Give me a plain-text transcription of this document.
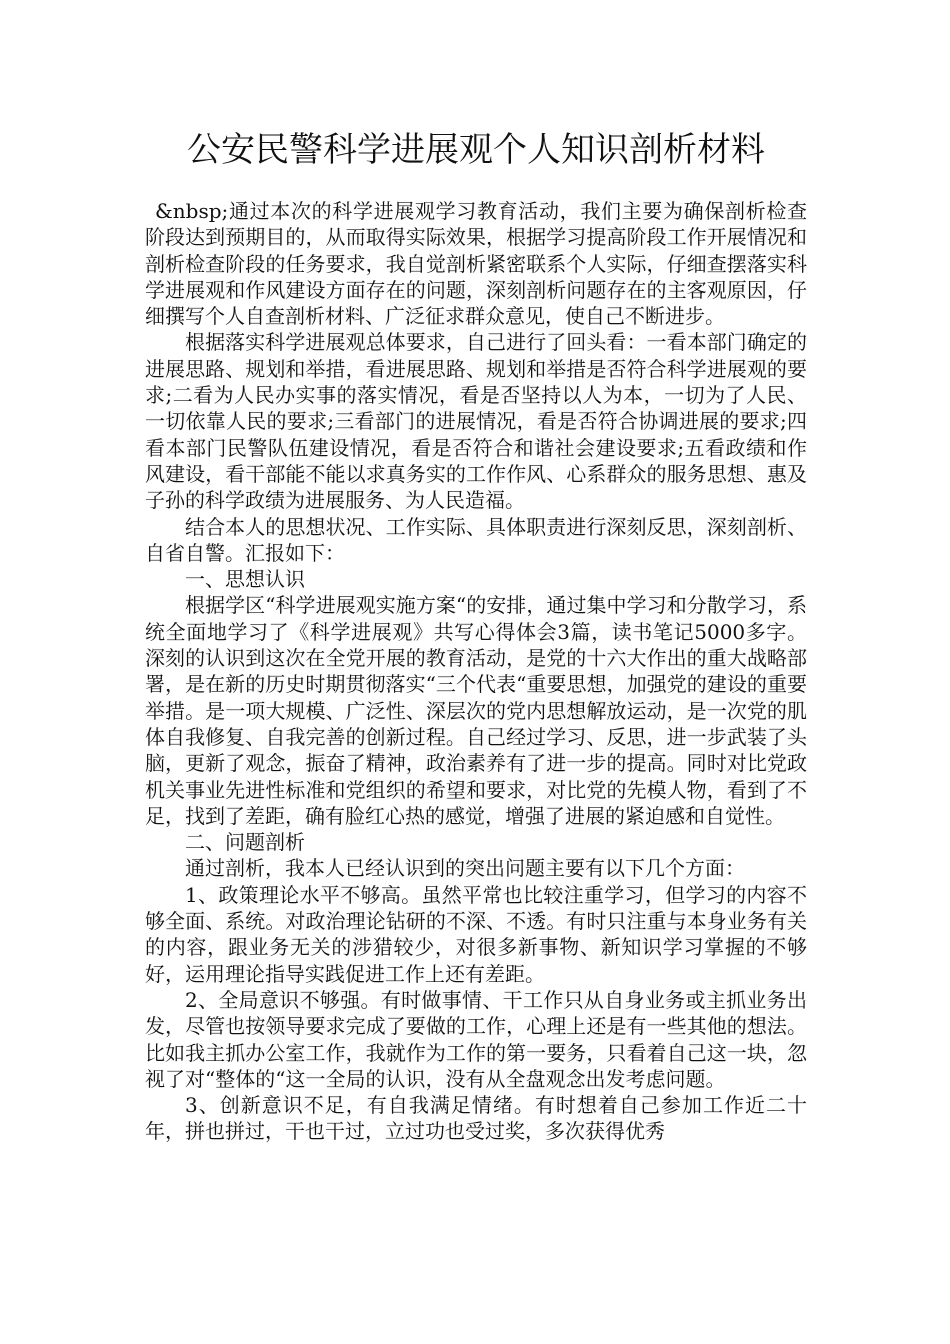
公安民警科学进展观个人知识剖析材料

&nbsp;通过本次的科学进展观学习教育活动，我们主要为确保剖析检查阶段达到预期目的，从而取得实际效果，根据学习提高阶段工作开展情况和剖析检查阶段的任务要求，我自觉剖析紧密联系个人实际，仔细查摆落实科学进展观和作风建设方面存在的问题，深刻剖析问题存在的主客观原因，仔细撰写个人自查剖析材料、广泛征求群众意见，使自己不断进步。

根据落实科学进展观总体要求，自己进行了回头看：一看本部门确定的进展思路、规划和举措，看进展思路、规划和举措是否符合科学进展观的要求;二看为人民办实事的落实情况，看是否坚持以人为本，一切为了人民、一切依靠人民的要求;三看部门的进展情况，看是否符合协调进展的要求;四看本部门民警队伍建设情况，看是否符合和谐社会建设要求;五看政绩和作风建设，看干部能不能以求真务实的工作作风、心系群众的服务思想、惠及子孙的科学政绩为进展服务、为人民造福。

结合本人的思想状况、工作实际、具体职责进行深刻反思，深刻剖析、自省自警。汇报如下：

一、思想认识

根据学区“科学进展观实施方案“的安排，通过集中学习和分散学习，系统全面地学习了《科学进展观》共写心得体会3篇，读书笔记5000多字。深刻的认识到这次在全党开展的教育活动，是党的十六大作出的重大战略部署，是在新的历史时期贯彻落实“三个代表“重要思想，加强党的建设的重要举措。是一项大规模、广泛性、深层次的党内思想解放运动，是一次党的肌体自我修复、自我完善的创新过程。自己经过学习、反思，进一步武装了头脑，更新了观念，振奋了精神，政治素养有了进一步的提高。同时对比党政机关事业先进性标准和党组织的希望和要求，对比党的先模人物，看到了不足，找到了差距，确有脸红心热的感觉，增强了进展的紧迫感和自觉性。

二、问题剖析

通过剖析，我本人已经认识到的突出问题主要有以下几个方面：

1、政策理论水平不够高。虽然平常也比较注重学习，但学习的内容不够全面、系统。对政治理论钻研的不深、不透。有时只注重与本身业务有关的内容，跟业务无关的涉猎较少，对很多新事物、新知识学习掌握的不够好，运用理论指导实践促进工作上还有差距。

2、全局意识不够强。有时做事情、干工作只从自身业务或主抓业务出发，尽管也按领导要求完成了要做的工作，心理上还是有一些其他的想法。比如我主抓办公室工作，我就作为工作的第一要务，只看着自己这一块，忽视了对“整体的“这一全局的认识，没有从全盘观念出发考虑问题。

3、创新意识不足，有自我满足情绪。有时想着自己参加工作近二十年，拼也拼过，干也干过，立过功也受过奖，多次获得优秀
